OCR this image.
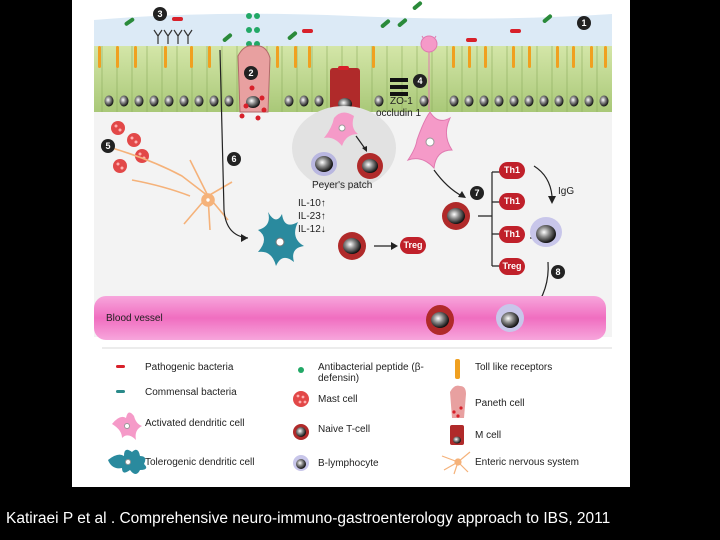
1
2
3
4
5
6
7
8
ZO-1
occludin 1
Peyer's patch
IL-10↑
IL-23↑
IL-12↓
Th1
Th1
Th1
Treg
Treg
IgG
Blood vessel
Pathogenic bacteria
Commensal bacteria
Activated dendritic cell
Tolerogenic dendritic cell
Antibacterial peptide (β-defensin)
Mast cell
Naive T-cell
B-lymphocyte
Toll like receptors
Paneth cell
M cell
Enteric nervous system
Katiraei P et al . Comprehensive neuro-immuno-gastroenterology approach to IBS, 2011
